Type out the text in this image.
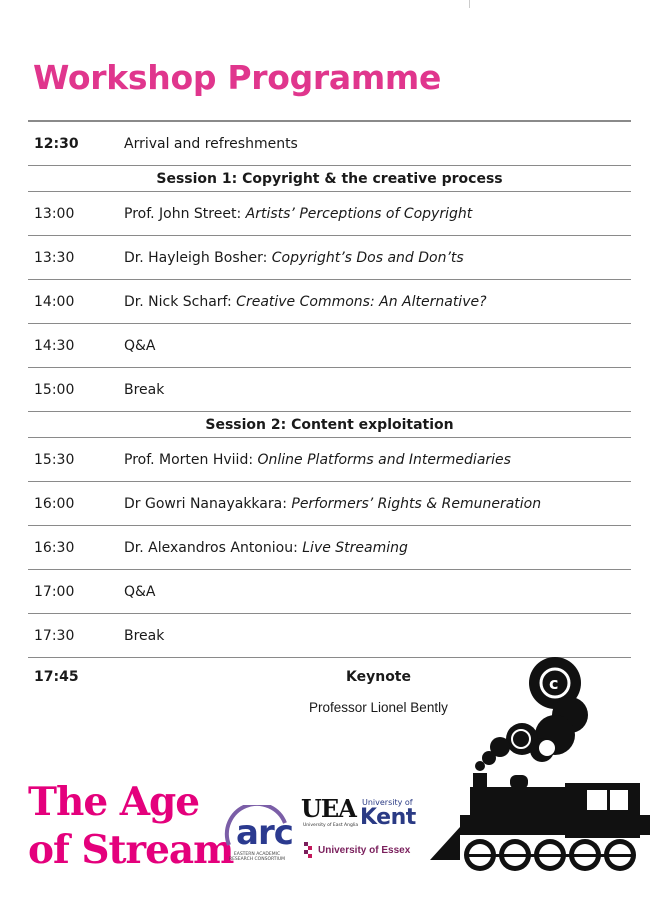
Workshop Programme
12:30	Arrival and refreshments
Session 1: Copyright & the creative process
13:00	Prof. John Street: Artists’ Perceptions of Copyright
13:30	Dr. Hayleigh Bosher: Copyright’s Dos and Don’ts
14:00	Dr. Nick Scharf: Creative Commons: An Alternative?
14:30	Q&A
15:00	Break
Session 2: Content exploitation
15:30	Prof. Morten Hviid: Online Platforms and Intermediaries
16:00	Dr Gowri Nanayakkara: Performers’ Rights & Remuneration
16:30	Dr. Alexandros Antoniou: Live Streaming
17:00	Q&A
17:30	Break
17:45	Keynote
Professor Lionel Bently
The Age
of Stream arc
EASTERN ACADEMIC RESEARCH CONSORTIUM
UEA
University of East Anglia
University of
Kent
University of Essex
c
